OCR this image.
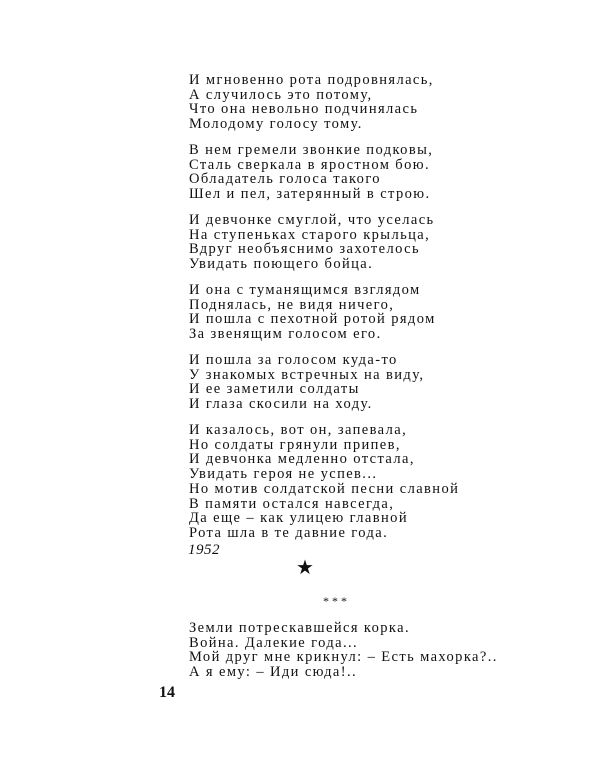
И мгновенно рота подровнялась,
А случилось это потому,
Что она невольно подчинялась
Молодому голосу тому.
В нем гремели звонкие подковы,
Сталь сверкала в яростном бою.
Обладатель голоса такого
Шел и пел, затерянный в строю.
И девчонке смуглой, что уселась
На ступеньках старого крыльца,
Вдруг необъяснимо захотелось
Увидать поющего бойца.
И она с туманящимся взглядом
Поднялась, не видя ничего,
И пошла с пехотной ротой рядом
За звенящим голосом его.
И пошла за голосом куда-то
У знакомых встречных на виду,
И ее заметили солдаты
И глаза скосили на ходу.
И казалось, вот он, запевала,
Но солдаты грянули припев,
И девчонка медленно отстала,
Увидать героя не успев...
Но мотив солдатской песни славной
В памяти остался навсегда,
Да еще – как улицею главной
Рота шла в те давние года.
1952
★
* * *
Земли потрескавшейся корка.
Война. Далекие года...
Мой друг мне крикнул: – Есть махорка?..
А я ему: – Иди сюда!..
14
